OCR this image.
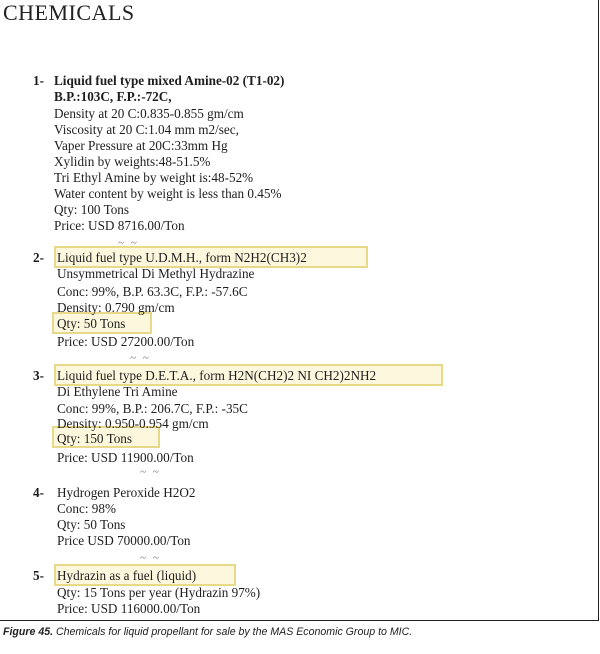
CHEMICALS
~ ~
~ ~
~ ~
~ ~
1- Liquid fuel type mixed Amine-02 (T1-02)
B.P.:103C, F.P.:-72C,
Density at 20 C:0.835-0.855 gm/cm
Viscosity at 20 C:1.04 mm m2/sec,
Vaper Pressure at 20C:33mm Hg
Xylidin by weights:48-51.5%
Tri Ethyl Amine by weight is:48-52%
Water content by weight is less than 0.45%
Qty: 100 Tons
Price: USD 8716.00/Ton
2- Liquid fuel type U.D.M.H., form N2H2(CH3)2
Unsymmetrical Di Methyl Hydrazine
Conc: 99%, B.P. 63.3C, F.P.: -57.6C
Density: 0.790 gm/cm
Qty: 50 Tons
Price: USD 27200.00/Ton
3- Liquid fuel type D.E.T.A., form H2N(CH2)2 NI CH2)2NH2
Di Ethylene Tri Amine
Conc: 99%, B.P.: 206.7C, F.P.: -35C
Density: 0.950-0.954 gm/cm
Qty: 150 Tons
Price: USD 11900.00/Ton
4- Hydrogen Peroxide H2O2
Conc: 98%
Qty: 50 Tons
Price USD 70000.00/Ton
5- Hydrazin as a fuel (liquid)
Qty: 15 Tons per year (Hydrazin 97%)
Price: USD 116000.00/Ton
Figure 45. Chemicals for liquid propellant for sale by the MAS Economic Group to MIC.
